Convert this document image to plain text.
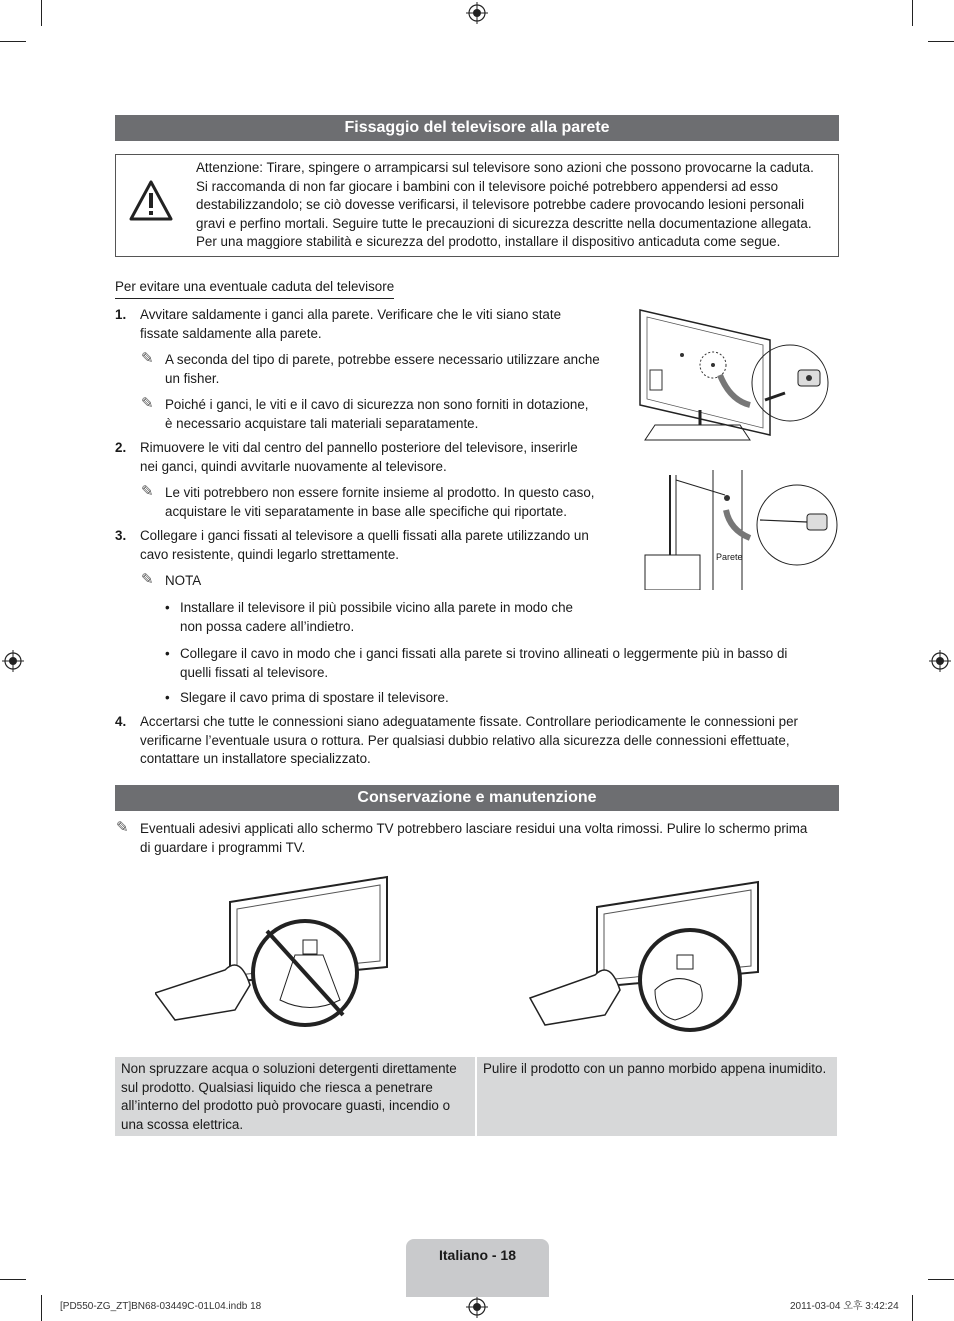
Fissaggio del televisore alla parete
Attenzione: Tirare, spingere o arrampicarsi sul televisore sono azioni che possono provocarne la caduta. Si raccomanda di non far giocare i bambini con il televisore poiché potrebbero appendersi ad esso destabilizzandolo; se ciò dovesse verificarsi, il televisore potrebbe cadere provocando lesioni personali gravi e perfino mortali. Seguire tutte le precauzioni di sicurezza descritte nella documentazione allegata. Per una maggiore stabilità e sicurezza del prodotto, installare il dispositivo anticaduta come segue.
Per evitare una eventuale caduta del televisore
1. Avvitare saldamente i ganci alla parete. Verificare che le viti siano state fissate saldamente alla parete.
✎ A seconda del tipo di parete, potrebbe essere necessario utilizzare anche un fisher.
✎ Poiché i ganci, le viti e il cavo di sicurezza non sono forniti in dotazione, è necessario acquistare tali materiali separatamente.
2. Rimuovere le viti dal centro del pannello posteriore del televisore, inserirle nei ganci, quindi avvitarle nuovamente al televisore.
✎ Le viti potrebbero non essere fornite insieme al prodotto. In questo caso, acquistare le viti separatamente in base alle specifiche qui riportate.
3. Collegare i ganci fissati al televisore a quelli fissati alla parete utilizzando un cavo resistente, quindi legarlo strettamente.
✎ NOTA
• Installare il televisore il più possibile vicino alla parete in modo che non possa cadere all’indietro.
• Collegare il cavo in modo che i ganci fissati alla parete si trovino allineati o leggermente più in basso di quelli fissati al televisore.
• Slegare il cavo prima di spostare il televisore.
4. Accertarsi che tutte le connessioni siano adeguatamente fissate. Controllare periodicamente le connessioni per verificarne l’eventuale usura o rottura. Per qualsiasi dubbio relativo alla sicurezza delle connessioni effettuate, contattare un installatore specializzato.
Parete
Conservazione e manutenzione
✎ Eventuali adesivi applicati allo schermo TV potrebbero lasciare residui una volta rimossi. Pulire lo schermo prima di guardare i programmi TV.
Non spruzzare acqua o soluzioni detergenti direttamente sul prodotto. Qualsiasi liquido che riesca a penetrare all’interno del prodotto può provocare guasti, incendio o una scossa elettrica.
Pulire il prodotto con un panno morbido appena inumidito.
Italiano - 18
[PD550-ZG_ZT]BN68-03449C-01L04.indb 18	2011-03-04 오후 3:42:24
